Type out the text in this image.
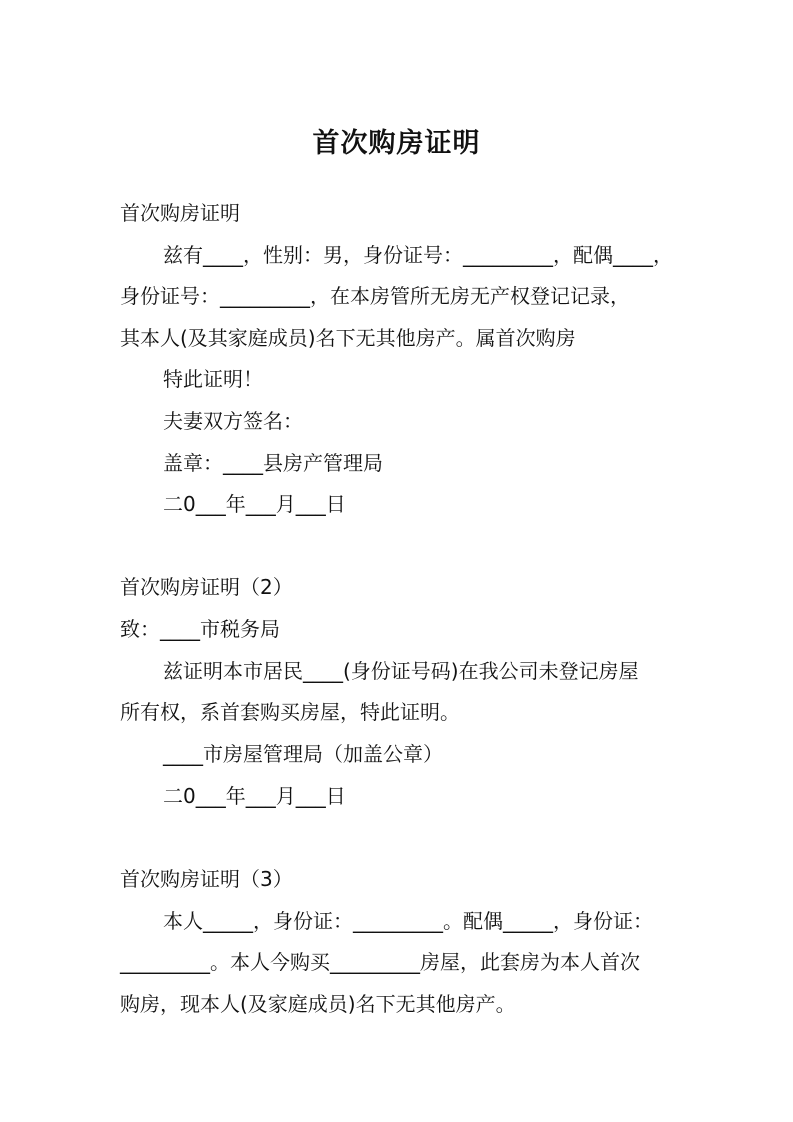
首次购房证明
首次购房证明
兹有____，性别：男，身份证号：_________，配偶____，
身份证号：_________，在本房管所无房无产权登记记录，
其本人(及其家庭成员)名下无其他房产。属首次购房
特此证明！
夫妻双方签名：
盖章：____县房产管理局
二0___年___月___日
首次购房证明（2）
致：____市税务局
兹证明本市居民____(身份证号码)在我公司未登记房屋
所有权，系首套购买房屋，特此证明。
____市房屋管理局（加盖公章）
二0___年___月___日
首次购房证明（3）
本人_____，身份证：_________。配偶_____，身份证：
_________。本人今购买_________房屋，此套房为本人首次
购房，现本人(及家庭成员)名下无其他房产。
